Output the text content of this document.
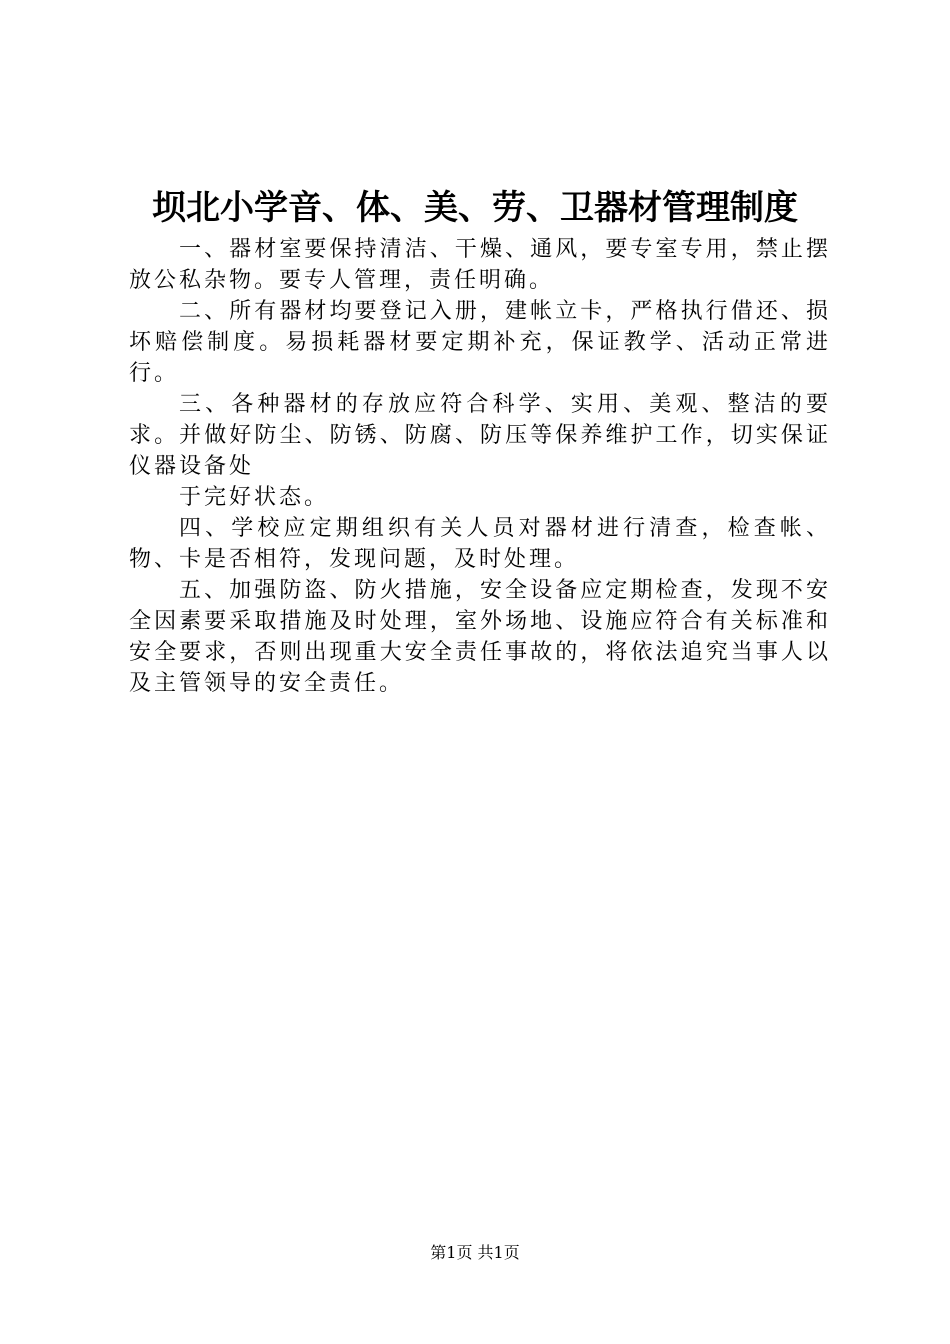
坝北小学音、体、美、劳、卫器材管理制度

一、器材室要保持清洁、干燥、通风，要专室专用，禁止摆放公私杂物。要专人管理，责任明确。

二、所有器材均要登记入册，建帐立卡，严格执行借还、损坏赔偿制度。易损耗器材要定期补充，保证教学、活动正常进行。

三、各种器材的存放应符合科学、实用、美观、整洁的要求。并做好防尘、防锈、防腐、防压等保养维护工作，切实保证仪器设备处

于完好状态。

四、学校应定期组织有关人员对器材进行清查，检查帐、物、卡是否相符，发现问题，及时处理。

五、加强防盗、防火措施，安全设备应定期检查，发现不安全因素要采取措施及时处理，室外场地、设施应符合有关标准和安全要求，否则出现重大安全责任事故的，将依法追究当事人以及主管领导的安全责任。

第1页 共1页
